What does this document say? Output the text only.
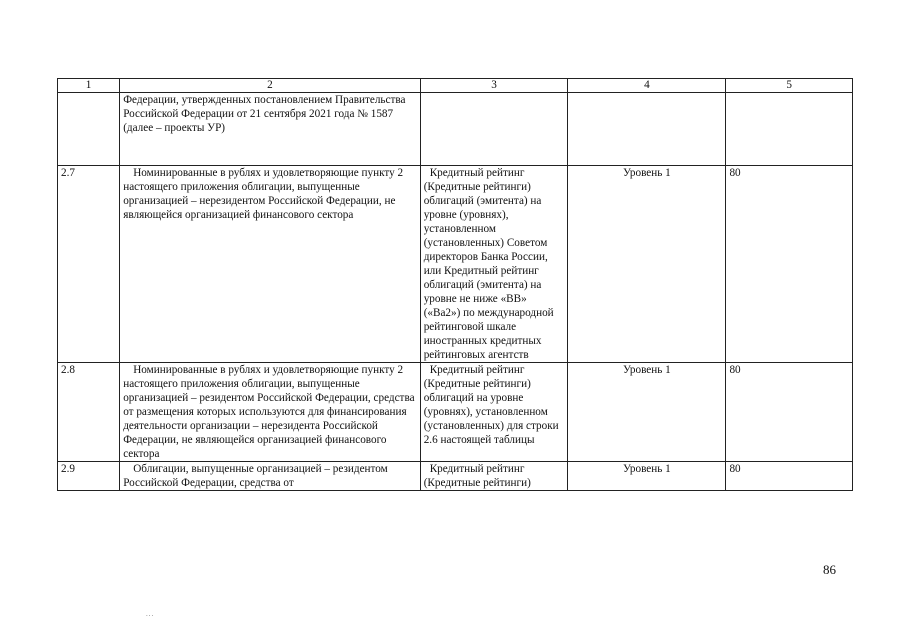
1	2	3	4	5

	Федерации, утвержденных постановлением Правительства Российской Федерации от 21 сентября 2021 года № 1587 (далее – проекты УР)			

2.7	Номинированные в рублях и удовлетворяющие пункту 2 настоящего приложения облигации, выпущенные организацией – нерезидентом Российской Федерации, не являющейся организацией финансового сектора	Кредитный рейтинг (Кредитные рейтинги) облигаций (эмитента) на уровне (уровнях), установленном (установленных) Советом директоров Банка России, или Кредитный рейтинг облигаций (эмитента) на уровне не ниже «BB» («Ba2») по международной рейтинговой шкале иностранных кредитных рейтинговых агентств	Уровень 1	80
2.8	Номинированные в рублях и удовлетворяющие пункту 2 настоящего приложения облигации, выпущенные организацией – резидентом Российской Федерации, средства от размещения которых используются для финансирования деятельности организации – нерезидента Российской Федерации, не являющейся организацией финансового сектора	Кредитный рейтинг (Кредитные рейтинги) облигаций на уровне (уровнях), установленном (установленных) для строки 2.6 настоящей таблицы	Уровень 1	80
2.9	Облигации, выпущенные организацией – резидентом Российской Федерации, средства от	Кредитный рейтинг (Кредитные рейтинги)	Уровень 1	80
86
...
